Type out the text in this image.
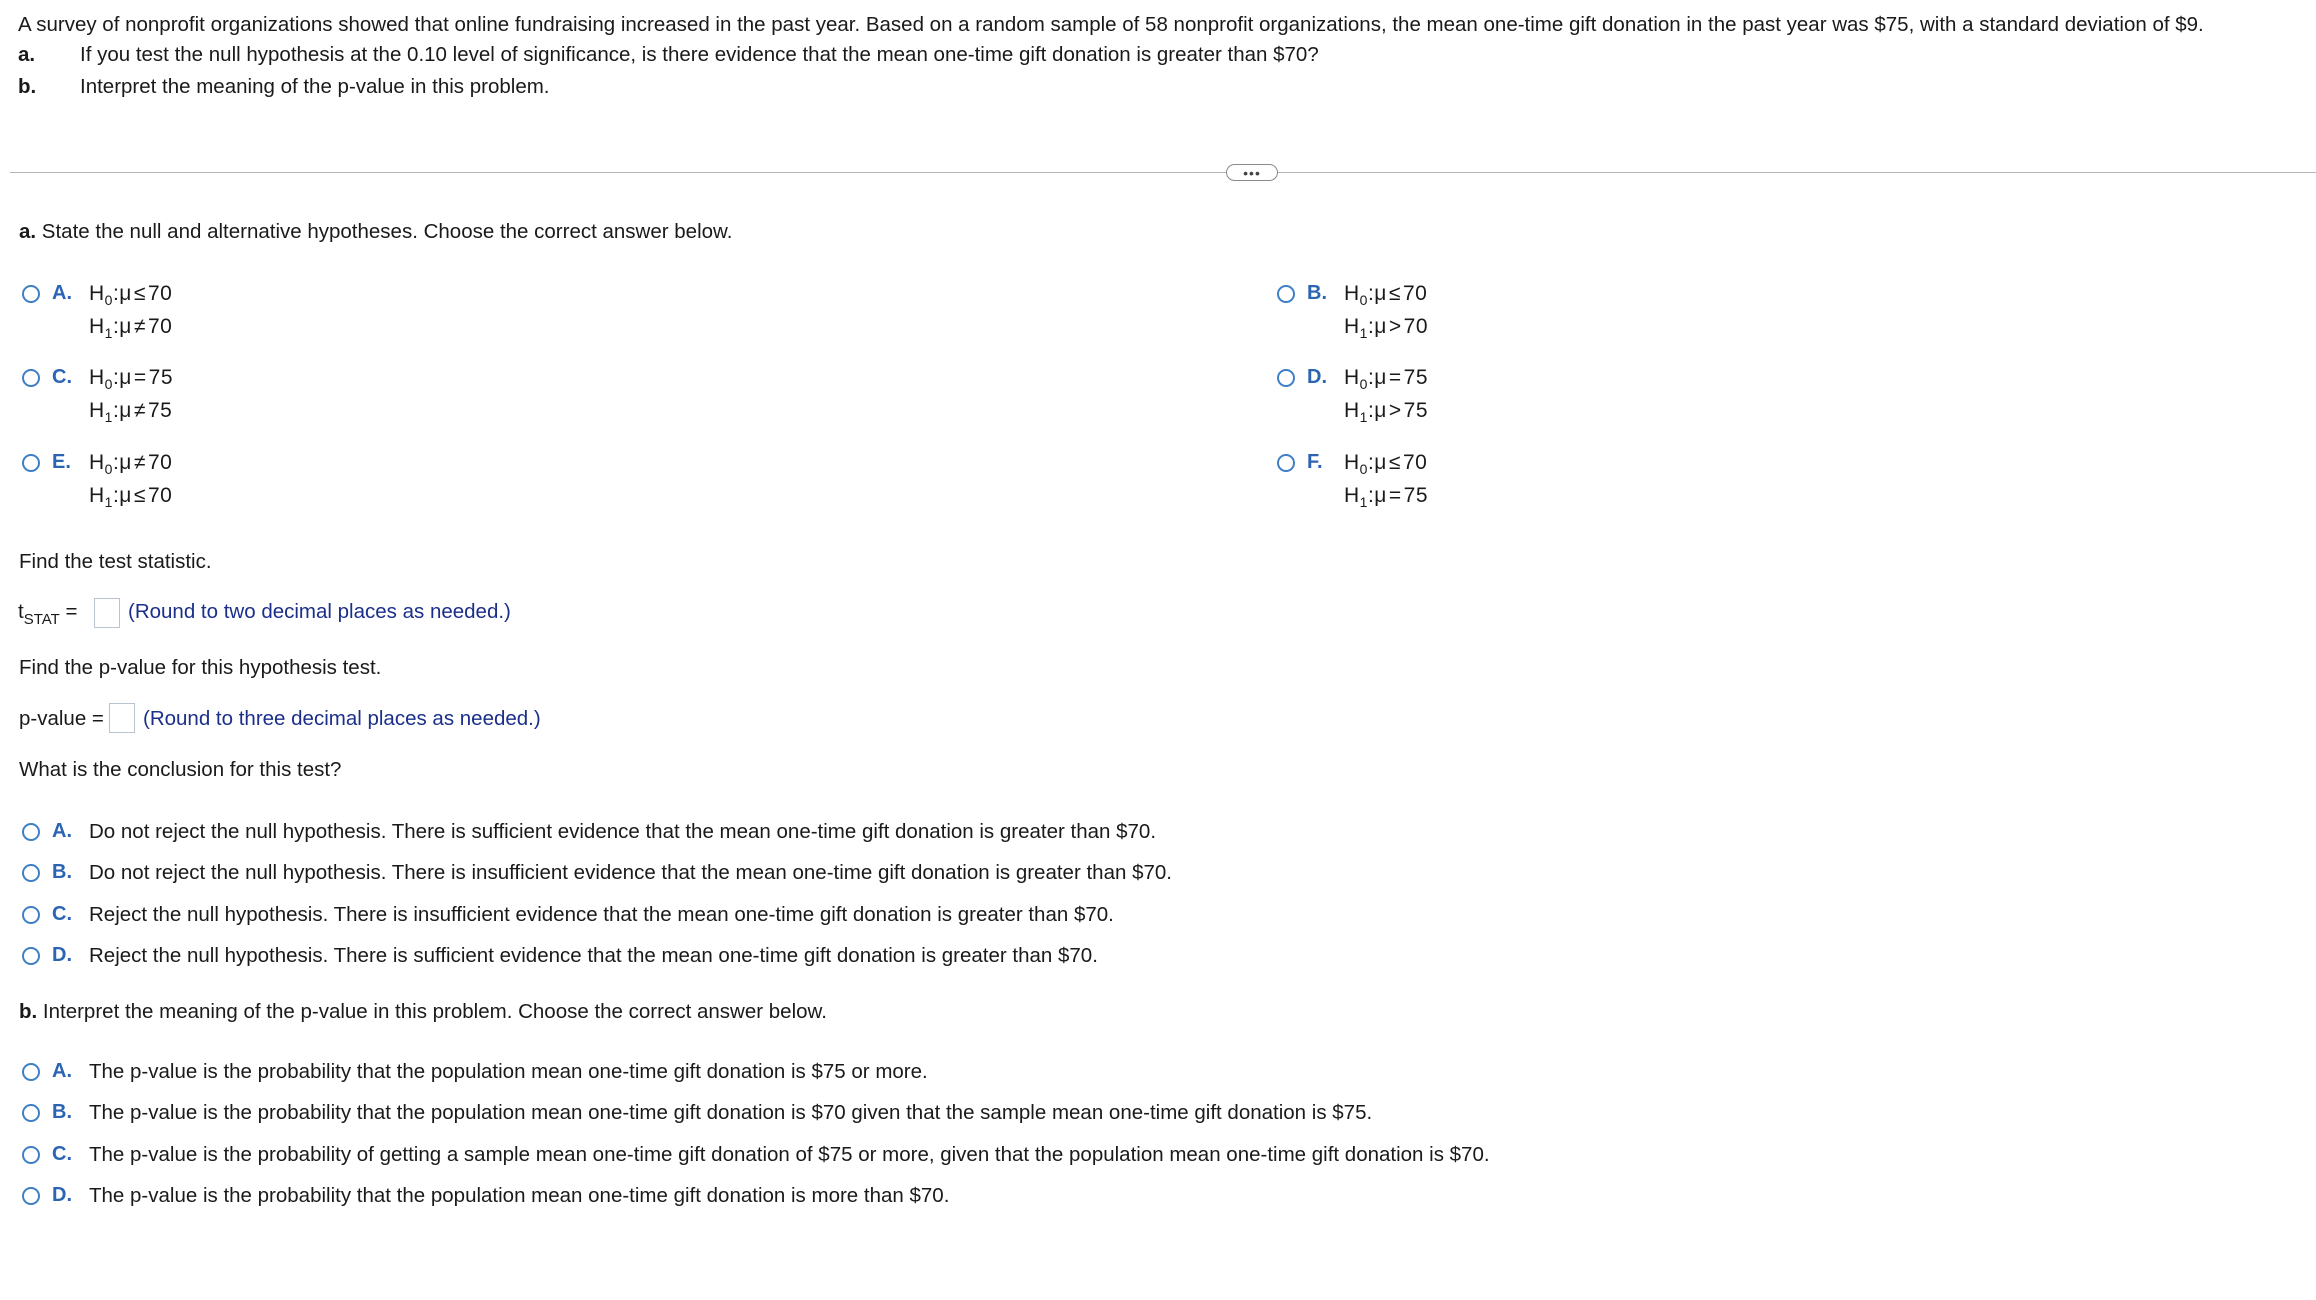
A survey of nonprofit organizations showed that online fundraising increased in the past year. Based on a random sample of 58 nonprofit organizations, the mean one-time gift donation in the past year was $75, with a standard deviation of $9.
a. If you test the null hypothesis at the 0.10 level of significance, is there evidence that the mean one-time gift donation is greater than $70?
b. Interpret the meaning of the p-value in this problem.
•••
a. State the null and alternative hypotheses. Choose the correct answer below.
A. $H_0:\mu\le 70$
$H_1:\mu\ne 70$
B. $H_0:\mu\le 70$
$H_1:\mu>70$
C. $H_0:\mu=75$
$H_1:\mu\ne 75$
D. $H_0:\mu=75$
$H_1:\mu>75$
E. $H_0:\mu\ne 70$
$H_1:\mu\le 70$
F. $H_0:\mu\le 70$
$H_1:\mu=75$
Find the test statistic.
$t_{STAT}$ = (Round to two decimal places as needed.)
Find the p-value for this hypothesis test.
p-value = (Round to three decimal places as needed.)
What is the conclusion for this test?
A. Do not reject the null hypothesis. There is sufficient evidence that the mean one-time gift donation is greater than $70.
B. Do not reject the null hypothesis. There is insufficient evidence that the mean one-time gift donation is greater than $70.
C. Reject the null hypothesis. There is insufficient evidence that the mean one-time gift donation is greater than $70.
D. Reject the null hypothesis. There is sufficient evidence that the mean one-time gift donation is greater than $70.
b. Interpret the meaning of the p-value in this problem. Choose the correct answer below.
A. The p-value is the probability that the population mean one-time gift donation is $75 or more.
B. The p-value is the probability that the population mean one-time gift donation is $70 given that the sample mean one-time gift donation is $75.
C. The p-value is the probability of getting a sample mean one-time gift donation of $75 or more, given that the population mean one-time gift donation is $70.
D. The p-value is the probability that the population mean one-time gift donation is more than $70.
